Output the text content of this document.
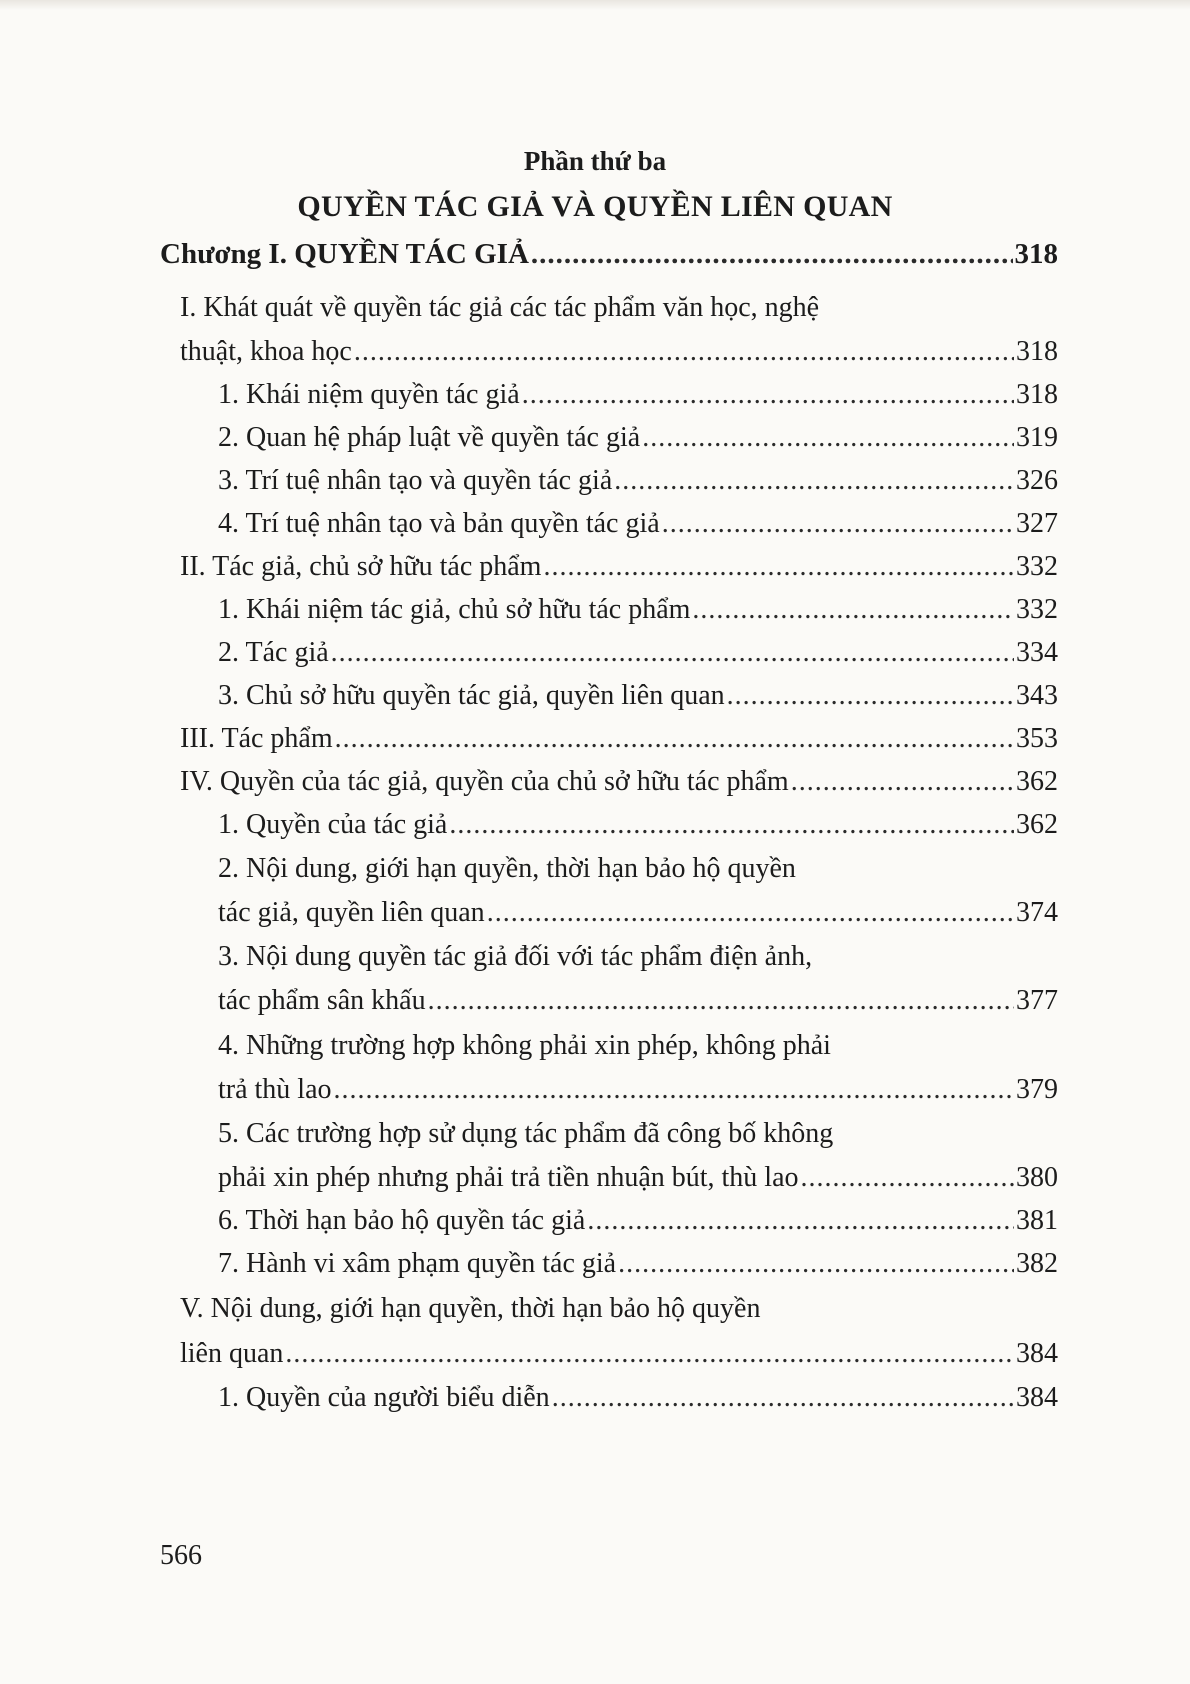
Phần thứ ba
QUYỀN TÁC GIẢ VÀ QUYỀN LIÊN QUAN
Chương I. QUYỀN TÁC GIẢ .....	318
I. Khát quát về quyền tác giả các tác phẩm văn học, nghệ
thuật, khoa học .....	318
1. Khái niệm quyền tác giả .....	318
2. Quan hệ pháp luật về quyền tác giả .....	319
3. Trí tuệ nhân tạo và quyền tác giả .....	326
4. Trí tuệ nhân tạo và bản quyền tác giả .....	327
II. Tác giả, chủ sở hữu tác phẩm .....	332
1. Khái niệm tác giả, chủ sở hữu tác phẩm .....	332
2. Tác giả .....	334
3. Chủ sở hữu quyền tác giả, quyền liên quan .....	343
III. Tác phẩm .....	353
IV. Quyền của tác giả, quyền của chủ sở hữu tác phẩm .....	362
1. Quyền của tác giả .....	362
2. Nội dung, giới hạn quyền, thời hạn bảo hộ quyền
tác giả, quyền liên quan .....	374
3. Nội dung quyền tác giả đối với tác phẩm điện ảnh,
tác phẩm sân khấu .....	377
4. Những trường hợp không phải xin phép, không phải
trả thù lao .....	379
5. Các trường hợp sử dụng tác phẩm đã công bố không
phải xin phép nhưng phải trả tiền nhuận bút, thù lao .....	380
6. Thời hạn bảo hộ quyền tác giả .....	381
7. Hành vi xâm phạm quyền tác giả .....	382
V. Nội dung, giới hạn quyền, thời hạn bảo hộ quyền
liên quan .....	384
1. Quyền của người biểu diễn .....	384
566
